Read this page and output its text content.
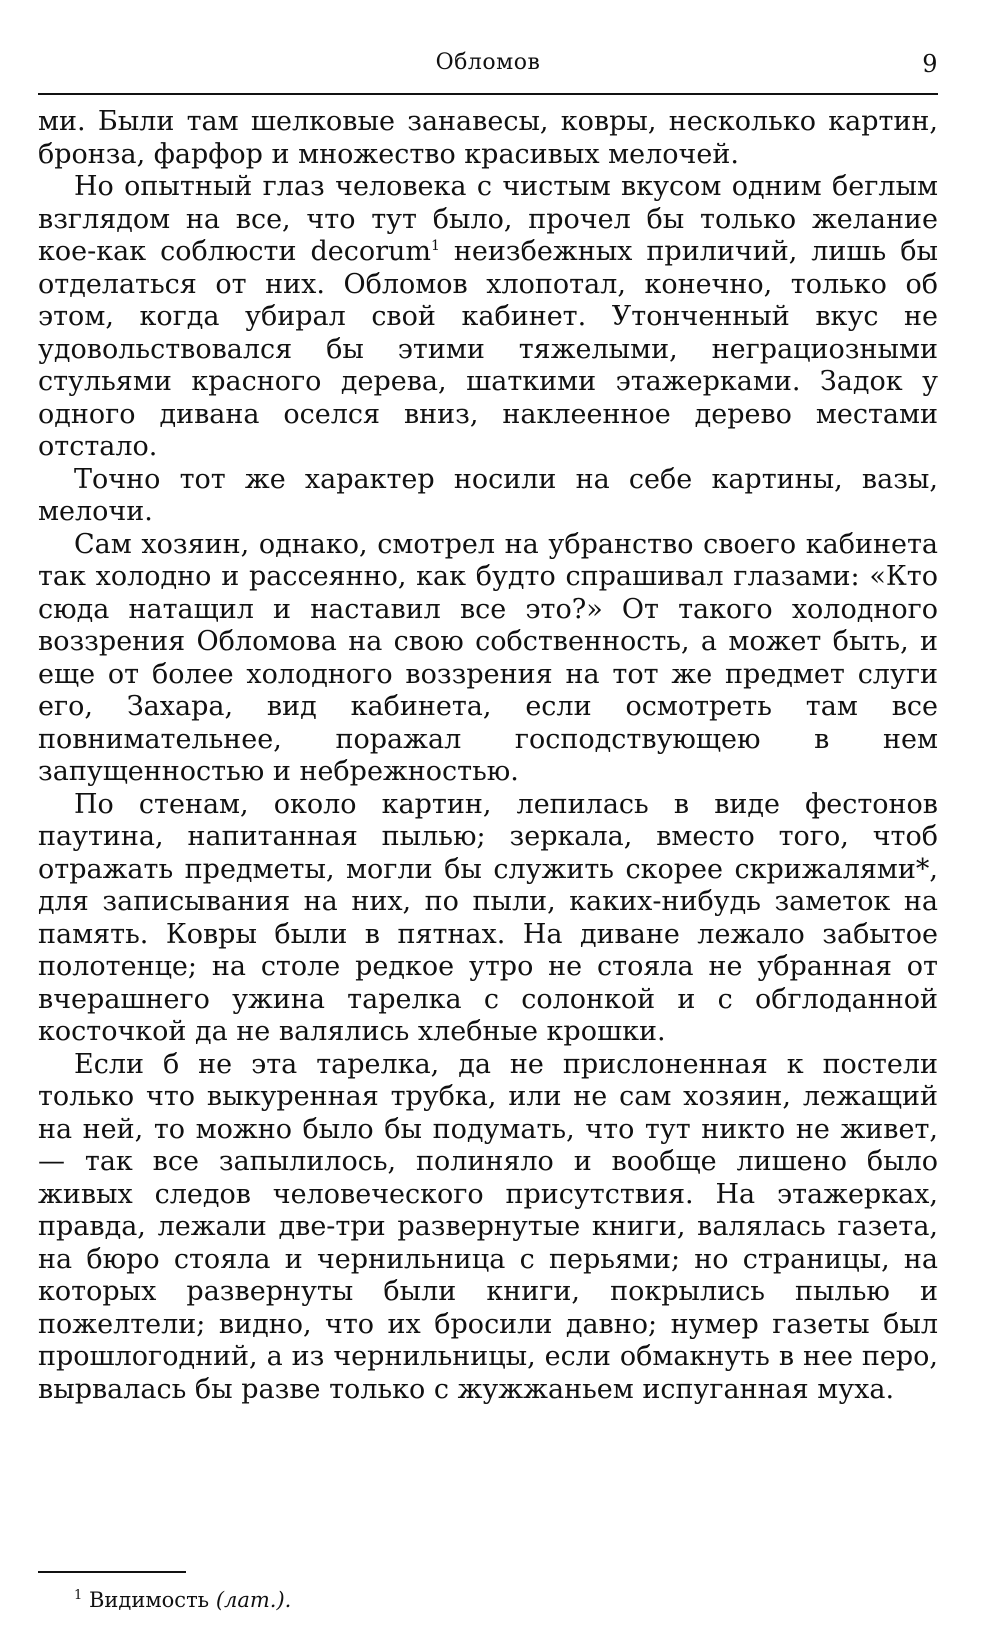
Обломов	9

ми. Были там шелковые занавесы, ковры, несколько картин, бронза, фарфор и множество красивых мелочей.

Но опытный глаз человека с чистым вкусом одним беглым взглядом на все, что тут было, прочел бы только желание кое-как соблюсти decorum$^1$ неизбежных приличий, лишь бы отделаться от них. Обломов хлопотал, конечно, только об этом, когда убирал свой кабинет. Утонченный вкус не удовольствовался бы этими тяжелыми, неграциозными стульями красного дерева, шаткими этажерками. Задок у одного дивана оселся вниз, наклеенное дерево местами отстало.

Точно тот же характер носили на себе картины, вазы, мелочи.

Сам хозяин, однако, смотрел на убранство своего кабинета так холодно и рассеянно, как будто спрашивал глазами: «Кто сюда натащил и наставил все это?» От такого холодного воззрения Обломова на свою собственность, а может быть, и еще от более холодного воззрения на тот же предмет слуги его, Захара, вид кабинета, если осмотреть там все повнимательнее, поражал господствующею в нем запущенностью и небрежностью.

По стенам, около картин, лепилась в виде фестонов паутина, напитанная пылью; зеркала, вместо того, чтоб отражать предметы, могли бы служить скорее скрижалями*, для записывания на них, по пыли, каких-нибудь заметок на память. Ковры были в пятнах. На диване лежало забытое полотенце; на столе редкое утро не стояла не убранная от вчерашнего ужина тарелка с солонкой и с обглоданной косточкой да не валялись хлебные крошки.

Если б не эта тарелка, да не прислоненная к постели только что выкуренная трубка, или не сам хозяин, лежащий на ней, то можно было бы подумать, что тут никто не живет, — так все запылилось, полиняло и вообще лишено было живых следов человеческого присутствия. На этажерках, правда, лежали две-три развернутые книги, валялась газета, на бюро стояла и чернильница с перьями; но страницы, на которых развернуты были книги, покрылись пылью и пожелтели; видно, что их бросили давно; нумер газеты был прошлогодний, а из чернильницы, если обмакнуть в нее перо, вырвалась бы разве только с жужжаньем испуганная муха.

$^1$ Видимость (лат.).
